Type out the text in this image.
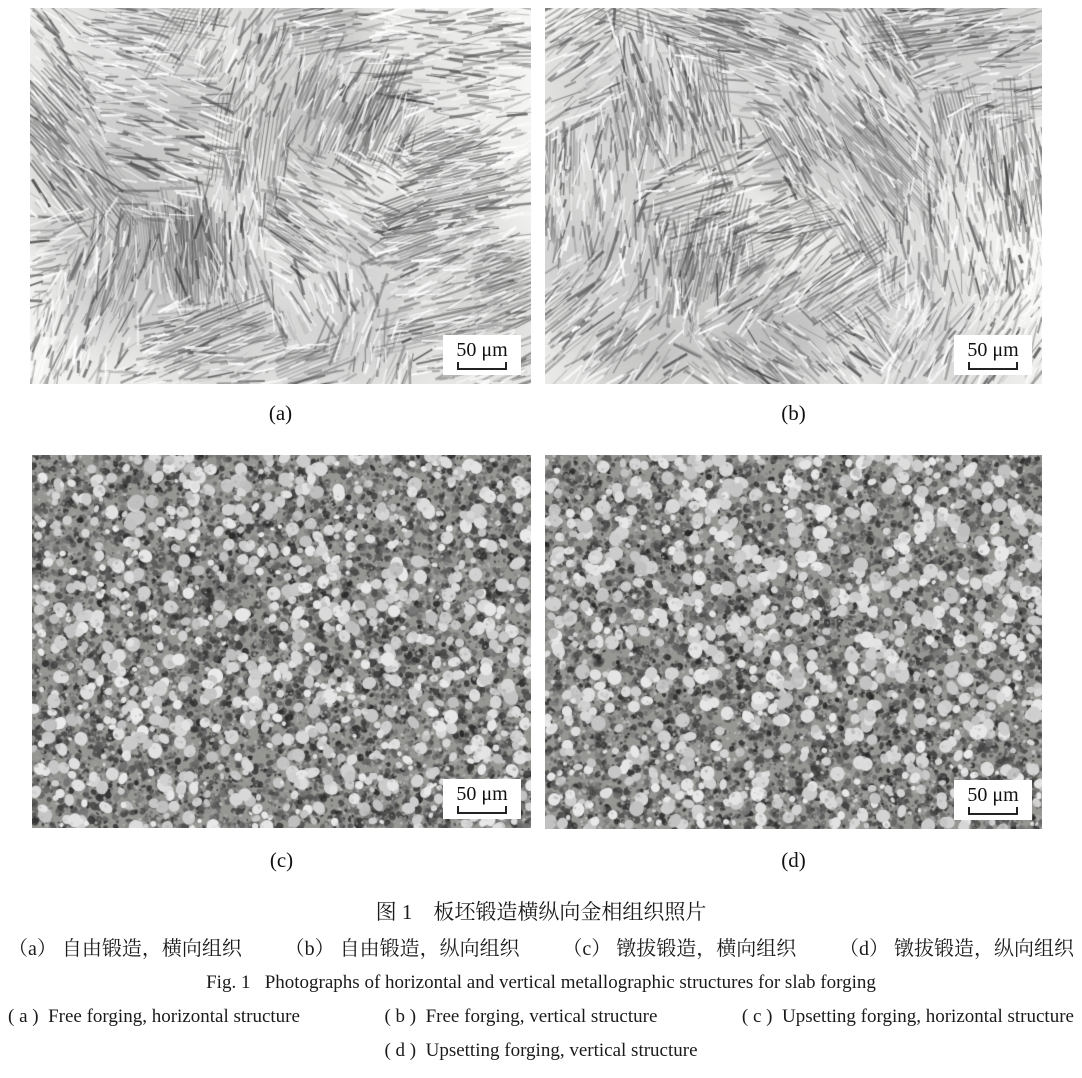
50 μm	50 μm
(a)	(b)
50 μm	50 μm
(c)	(d)
图 1　板坯锻造横纵向金相组织照片
（a） 自由锻造，横向组织 （b） 自由锻造，纵向组织 （c） 镦拔锻造，横向组织 （d） 镦拔锻造，纵向组织
Fig. 1   Photographs of horizontal and vertical metallographic structures for slab forging
( a )  Free forging, horizontal structure	( b )  Free forging, vertical structure	( c )  Upsetting forging, horizontal structure
( d )  Upsetting forging, vertical structure
